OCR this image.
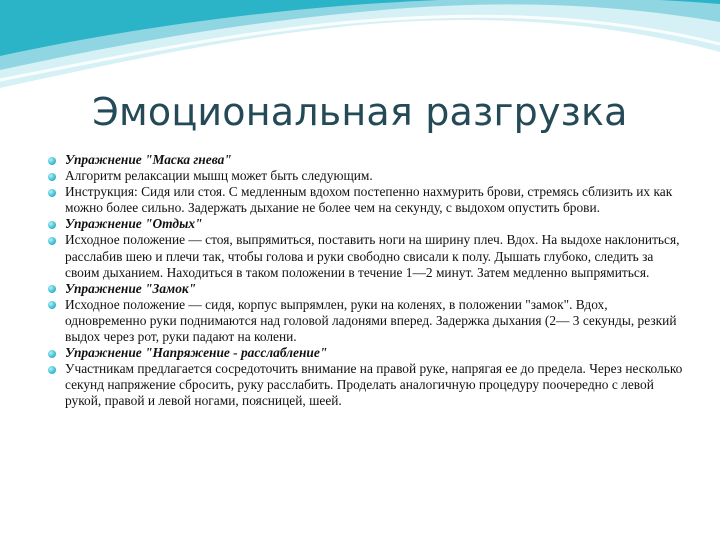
Эмоциональная разгрузка
Упражнение "Маска гнева"
Алгоритм релаксации мышц может быть следующим.
Инструкция: Сидя или стоя. С медленным вдохом постепенно нахмурить брови, стремясь сблизить их как можно более сильно. Задержать дыхание не более чем на секунду, с выдохом опустить брови.
Упражнение "Отдых"
Исходное положение — стоя, выпрямиться, поставить ноги на ширину плеч. Вдох. На выдохе наклониться, расслабив шею и плечи так, чтобы голова и руки свободно свисали к полу. Дышать глубоко, следить за своим дыханием. Находиться в таком положении в течение 1—2 минут. Затем медленно выпрямиться.
Упражнение "Замок"
Исходное положение — сидя, корпус выпрямлен, руки на коленях, в положении "замок". Вдох, одновременно руки поднимаются над головой ладонями вперед. Задержка дыхания (2— 3 секунды, резкий выдох через рот, руки падают на колени.
Упражнение "Напряжение - расслабление"
Участникам предлагается сосредоточить внимание на правой руке, напрягая ее до предела. Через несколько секунд напряжение сбросить, руку расслабить. Проделать аналогичную процедуру поочередно с левой рукой, правой и левой ногами, поясницей, шеей.
